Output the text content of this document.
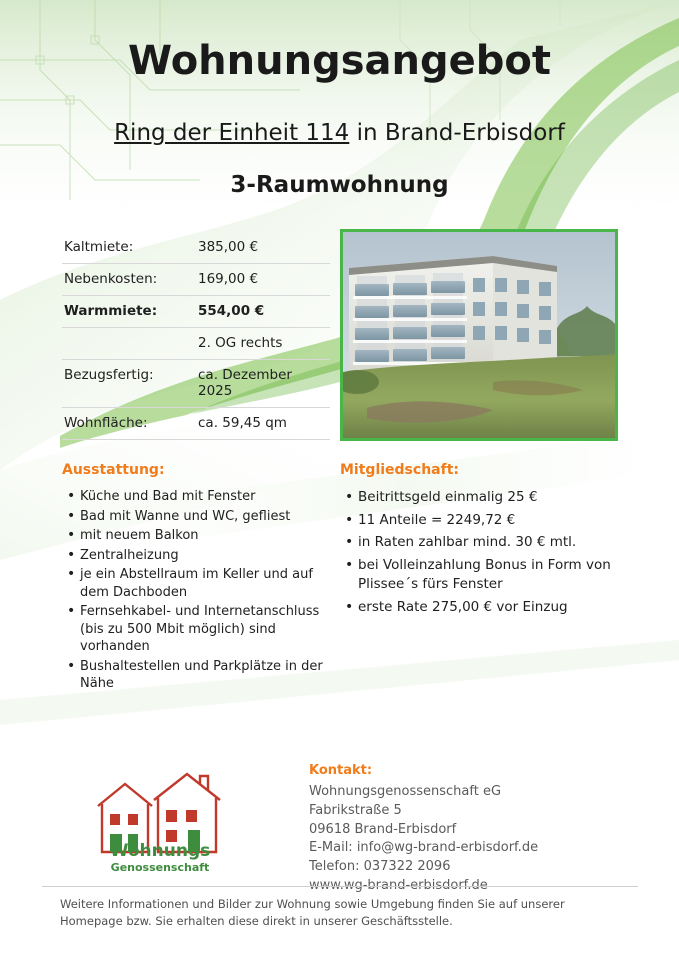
Wohnungsangebot
Ring der Einheit 114 in Brand-Erbisdorf
3-Raumwohnung
Kaltmiete:	385,00 €
Nebenkosten:	169,00 €
Warmmiete:	554,00 €
	2. OG rechts
Bezugsfertig:	ca. Dezember 2025
Wohnfläche:	ca. 59,45 qm
Ausstattung:
• Küche und Bad mit Fenster
• Bad mit Wanne und WC, gefliest
• mit neuem Balkon
• Zentralheizung
• je ein Abstellraum im Keller und auf dem Dachboden
• Fernsehkabel- und Internetanschluss (bis zu 500 Mbit möglich) sind vorhanden
• Bushaltestellen und Parkplätze in der Nähe
Mitgliedschaft:
• Beitrittsgeld einmalig 25 €
• 11 Anteile = 2249,72 €
• in Raten zahlbar mind. 30 € mtl.
• bei Volleinzahlung Bonus in Form von Plissee´s fürs Fenster
• erste Rate 275,00 € vor Einzug
Wohnungs
Genossenschaft
Kontakt:
Wohnungsgenossenschaft eG
Fabrikstraße 5
09618 Brand-Erbisdorf
E-Mail: info@wg-brand-erbisdorf.de
Telefon: 037322 2096
www.wg-brand-erbisdorf.de
Weitere Informationen und Bilder zur Wohnung sowie Umgebung finden Sie auf unserer Homepage bzw. Sie erhalten diese direkt in unserer Geschäftsstelle.
